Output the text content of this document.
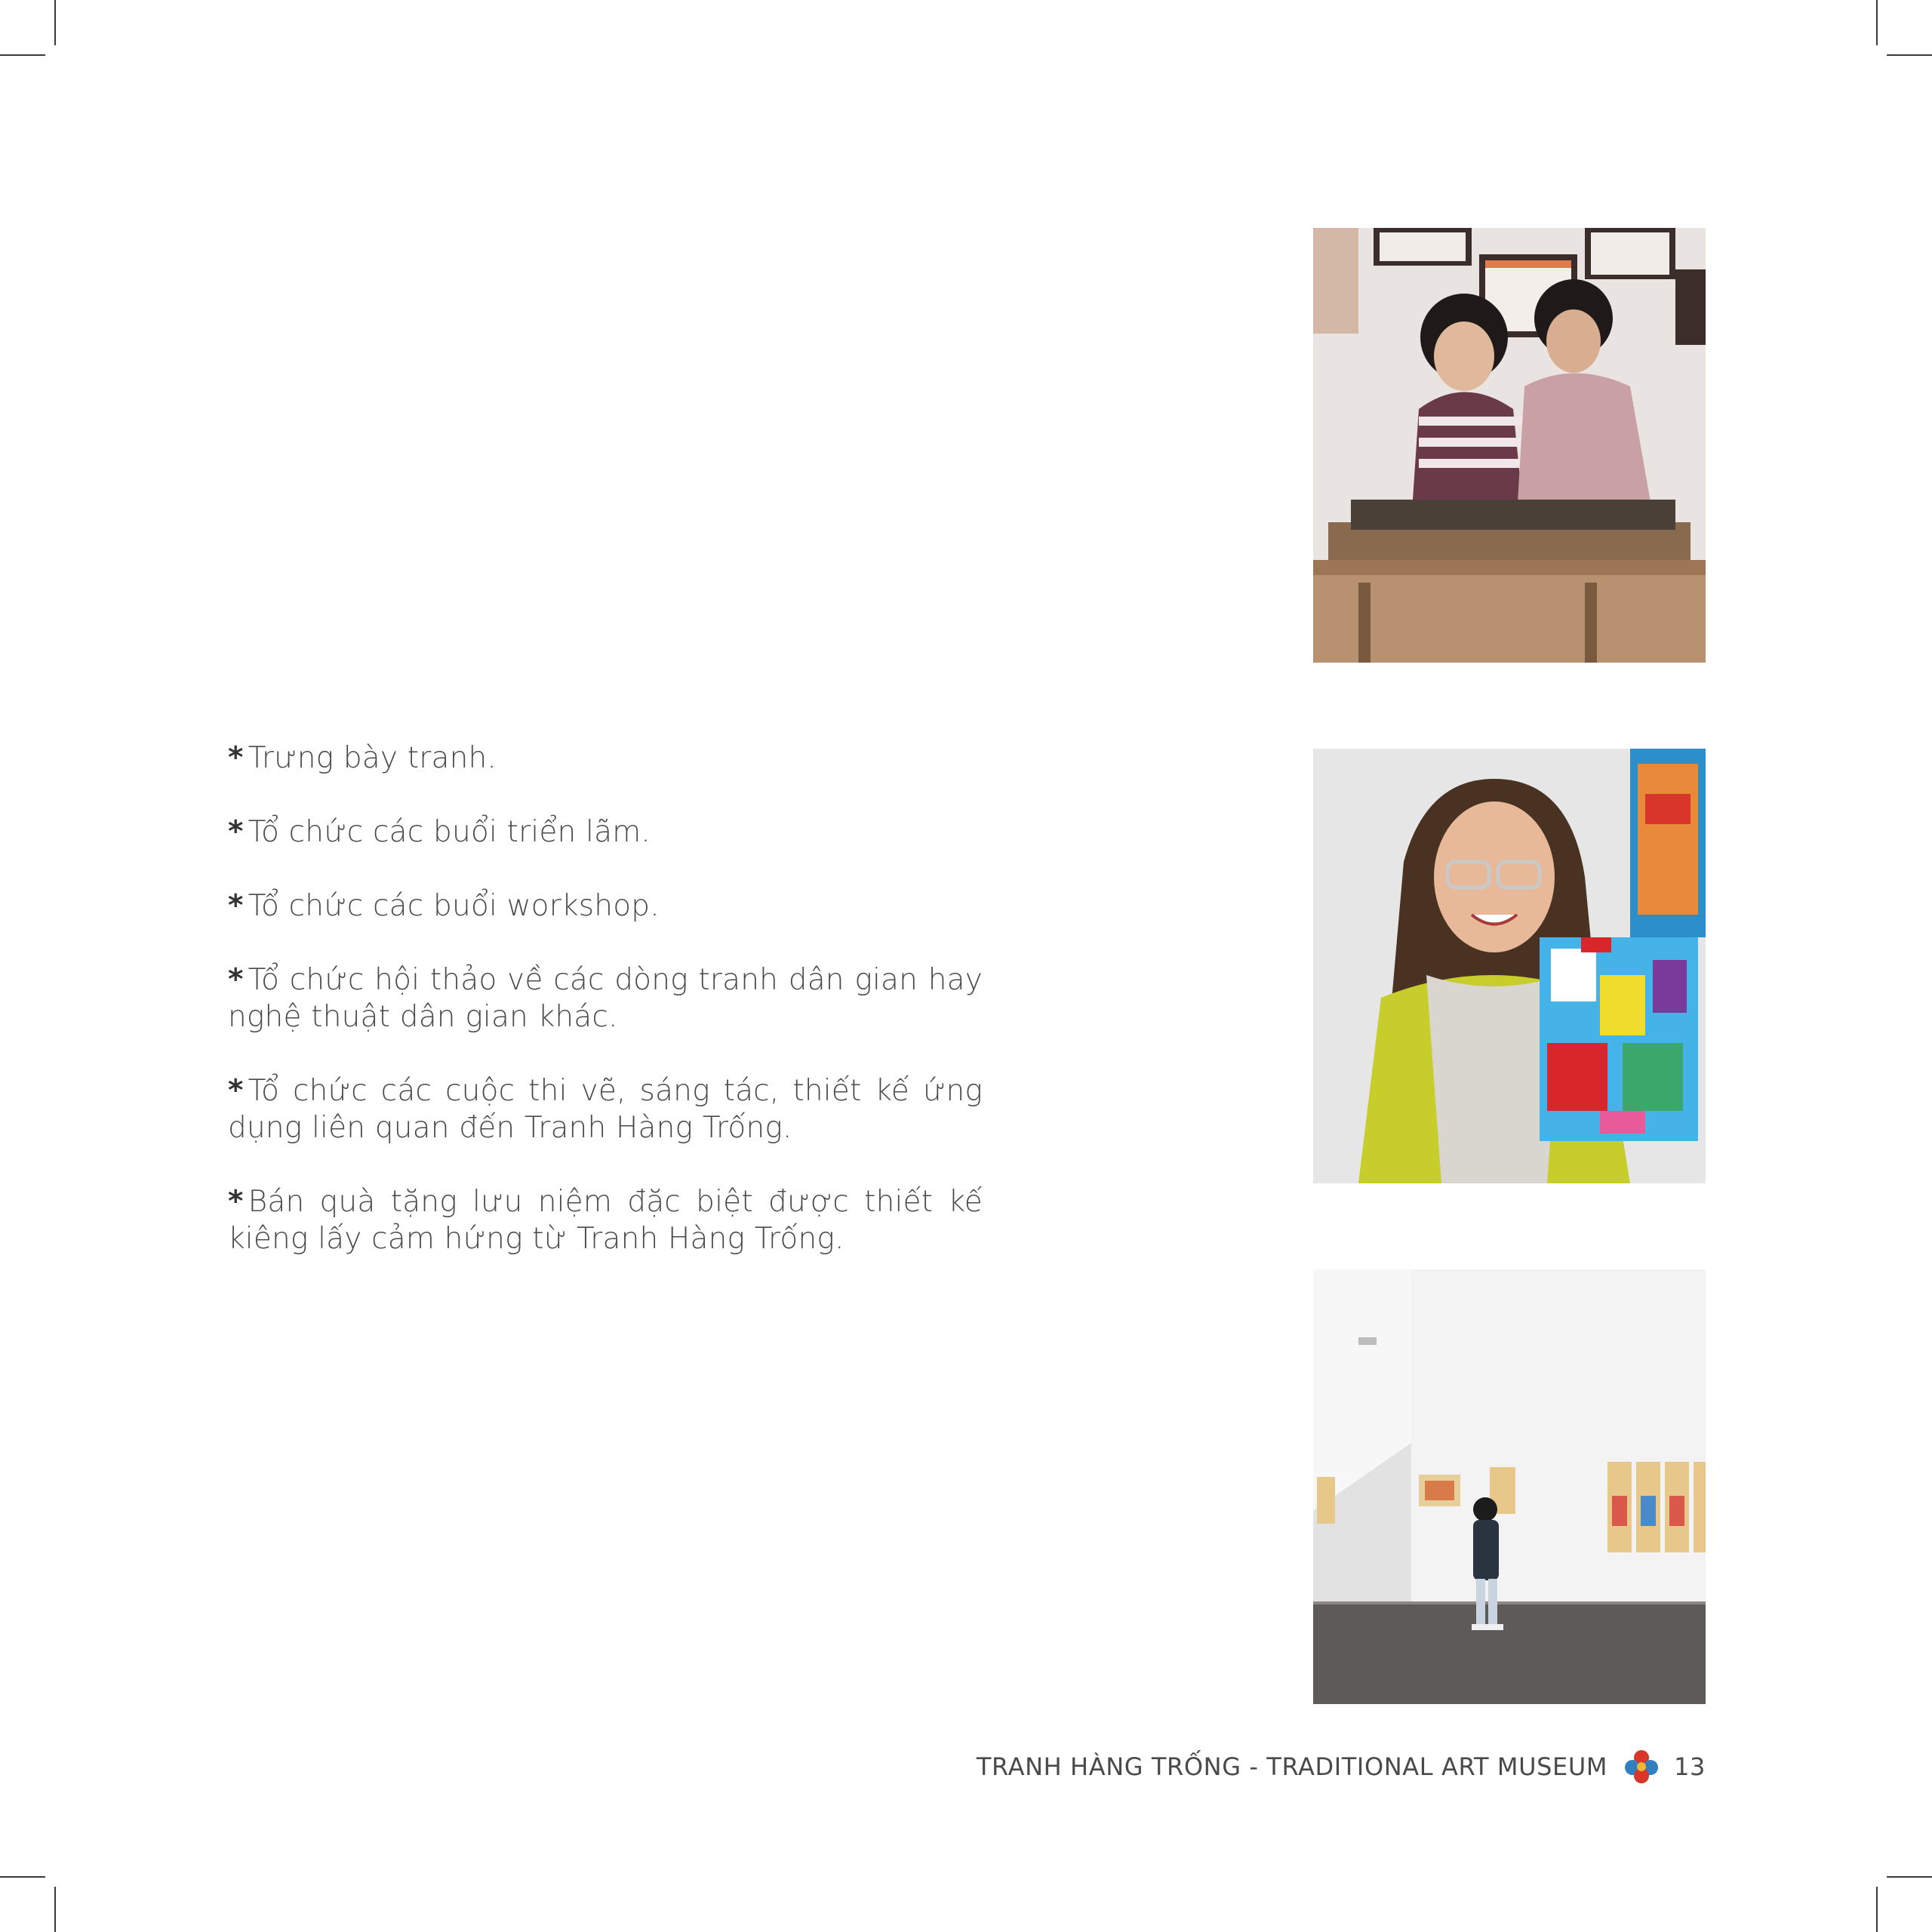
* Trưng bày tranh.

* Tổ chức các buổi triển lãm.

* Tổ chức các buổi workshop.

* Tổ chức hội thảo về các dòng tranh dân gian hay nghệ thuật dân gian khác.

* Tổ chức các cuộc thi vẽ, sáng tác, thiết kế ứng dụng liên quan đến Tranh Hàng Trống.

* Bán quà tặng lưu niệm đặc biệt được thiết kế kiêng lấy cảm hứng từ Tranh Hàng Trống.

TRANH HÀNG TRỐNG - TRADITIONAL ART MUSEUM	13
